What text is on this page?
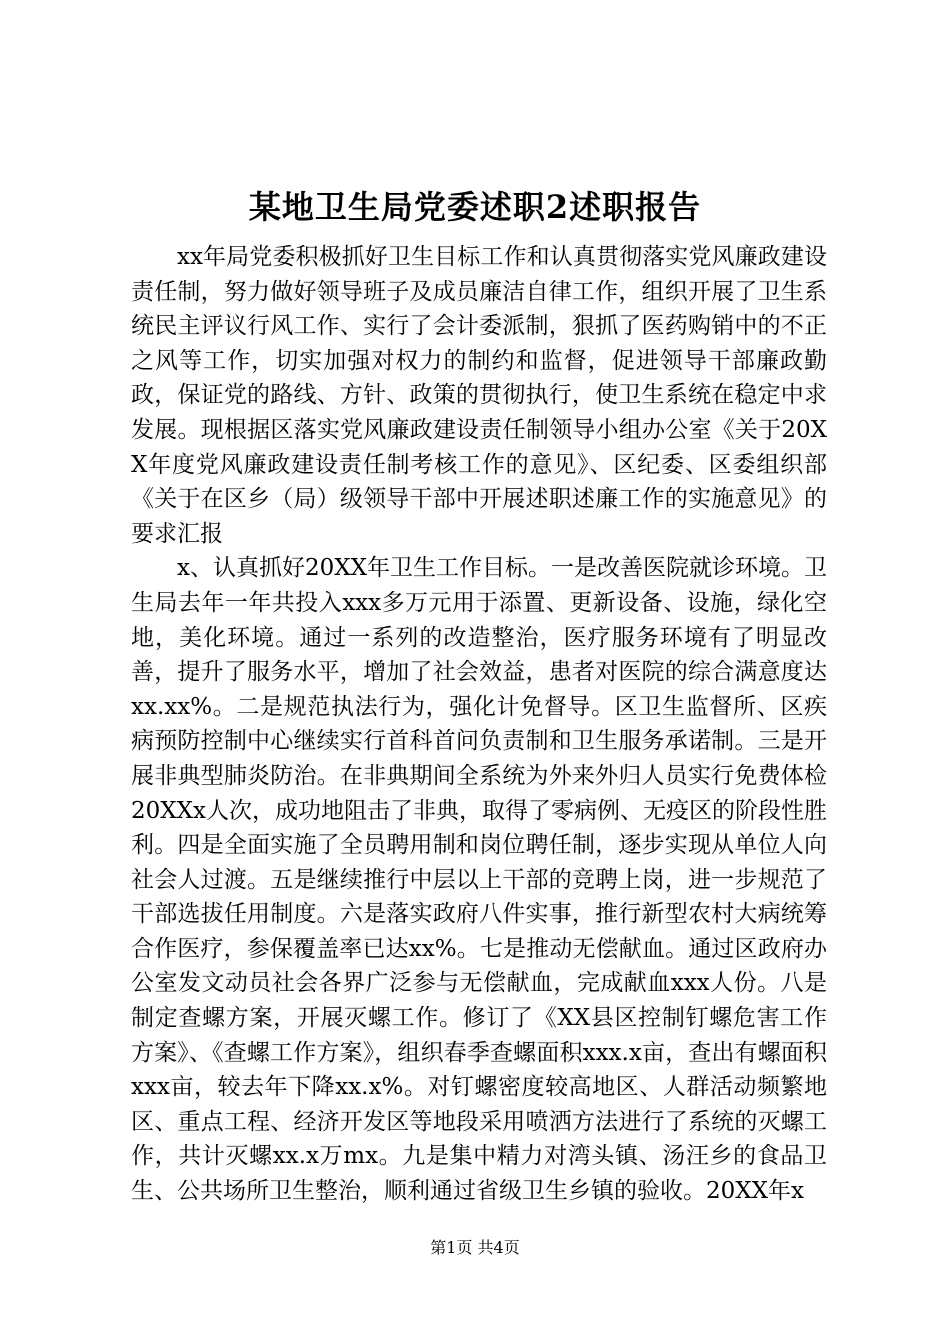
某地卫生局党委述职2述职报告

xx年局党委积极抓好卫生目标工作和认真贯彻落实党风廉政建设责任制，努力做好领导班子及成员廉洁自律工作，组织开展了卫生系统民主评议行风工作、实行了会计委派制，狠抓了医药购销中的不正之风等工作，切实加强对权力的制约和监督，促进领导干部廉政勤政，保证党的路线、方针、政策的贯彻执行，使卫生系统在稳定中求发展。现根据区落实党风廉政建设责任制领导小组办公室《关于20XX年度党风廉政建设责任制考核工作的意见》、区纪委、区委组织部《关于在区乡（局）级领导干部中开展述职述廉工作的实施意见》的要求汇报

x、认真抓好20XX年卫生工作目标。一是改善医院就诊环境。卫生局去年一年共投入xxx多万元用于添置、更新设备、设施，绿化空地，美化环境。通过一系列的改造整治，医疗服务环境有了明显改善，提升了服务水平，增加了社会效益，患者对医院的综合满意度达xx.xx%。二是规范执法行为，强化计免督导。区卫生监督所、区疾病预防控制中心继续实行首科首问负责制和卫生服务承诺制。三是开展非典型肺炎防治。在非典期间全系统为外来外归人员实行免费体检20XXx人次，成功地阻击了非典，取得了零病例、无疫区的阶段性胜利。四是全面实施了全员聘用制和岗位聘任制，逐步实现从单位人向社会人过渡。五是继续推行中层以上干部的竞聘上岗，进一步规范了干部选拔任用制度。六是落实政府八件实事，推行新型农村大病统筹合作医疗，参保覆盖率已达xx%。七是推动无偿献血。通过区政府办公室发文动员社会各界广泛参与无偿献血，完成献血xxx人份。八是制定查螺方案，开展灭螺工作。修订了《XX县区控制钉螺危害工作方案》、《查螺工作方案》，组织春季查螺面积xxx.x亩，查出有螺面积xxx亩，较去年下降xx.x%。对钉螺密度较高地区、人群活动频繁地区、重点工程、经济开发区等地段采用喷洒方法进行了系统的灭螺工作，共计灭螺xx.x万mx。九是集中精力对湾头镇、汤汪乡的食品卫生、公共场所卫生整治，顺利通过省级卫生乡镇的验收。20XX年x

第1页 共4页
